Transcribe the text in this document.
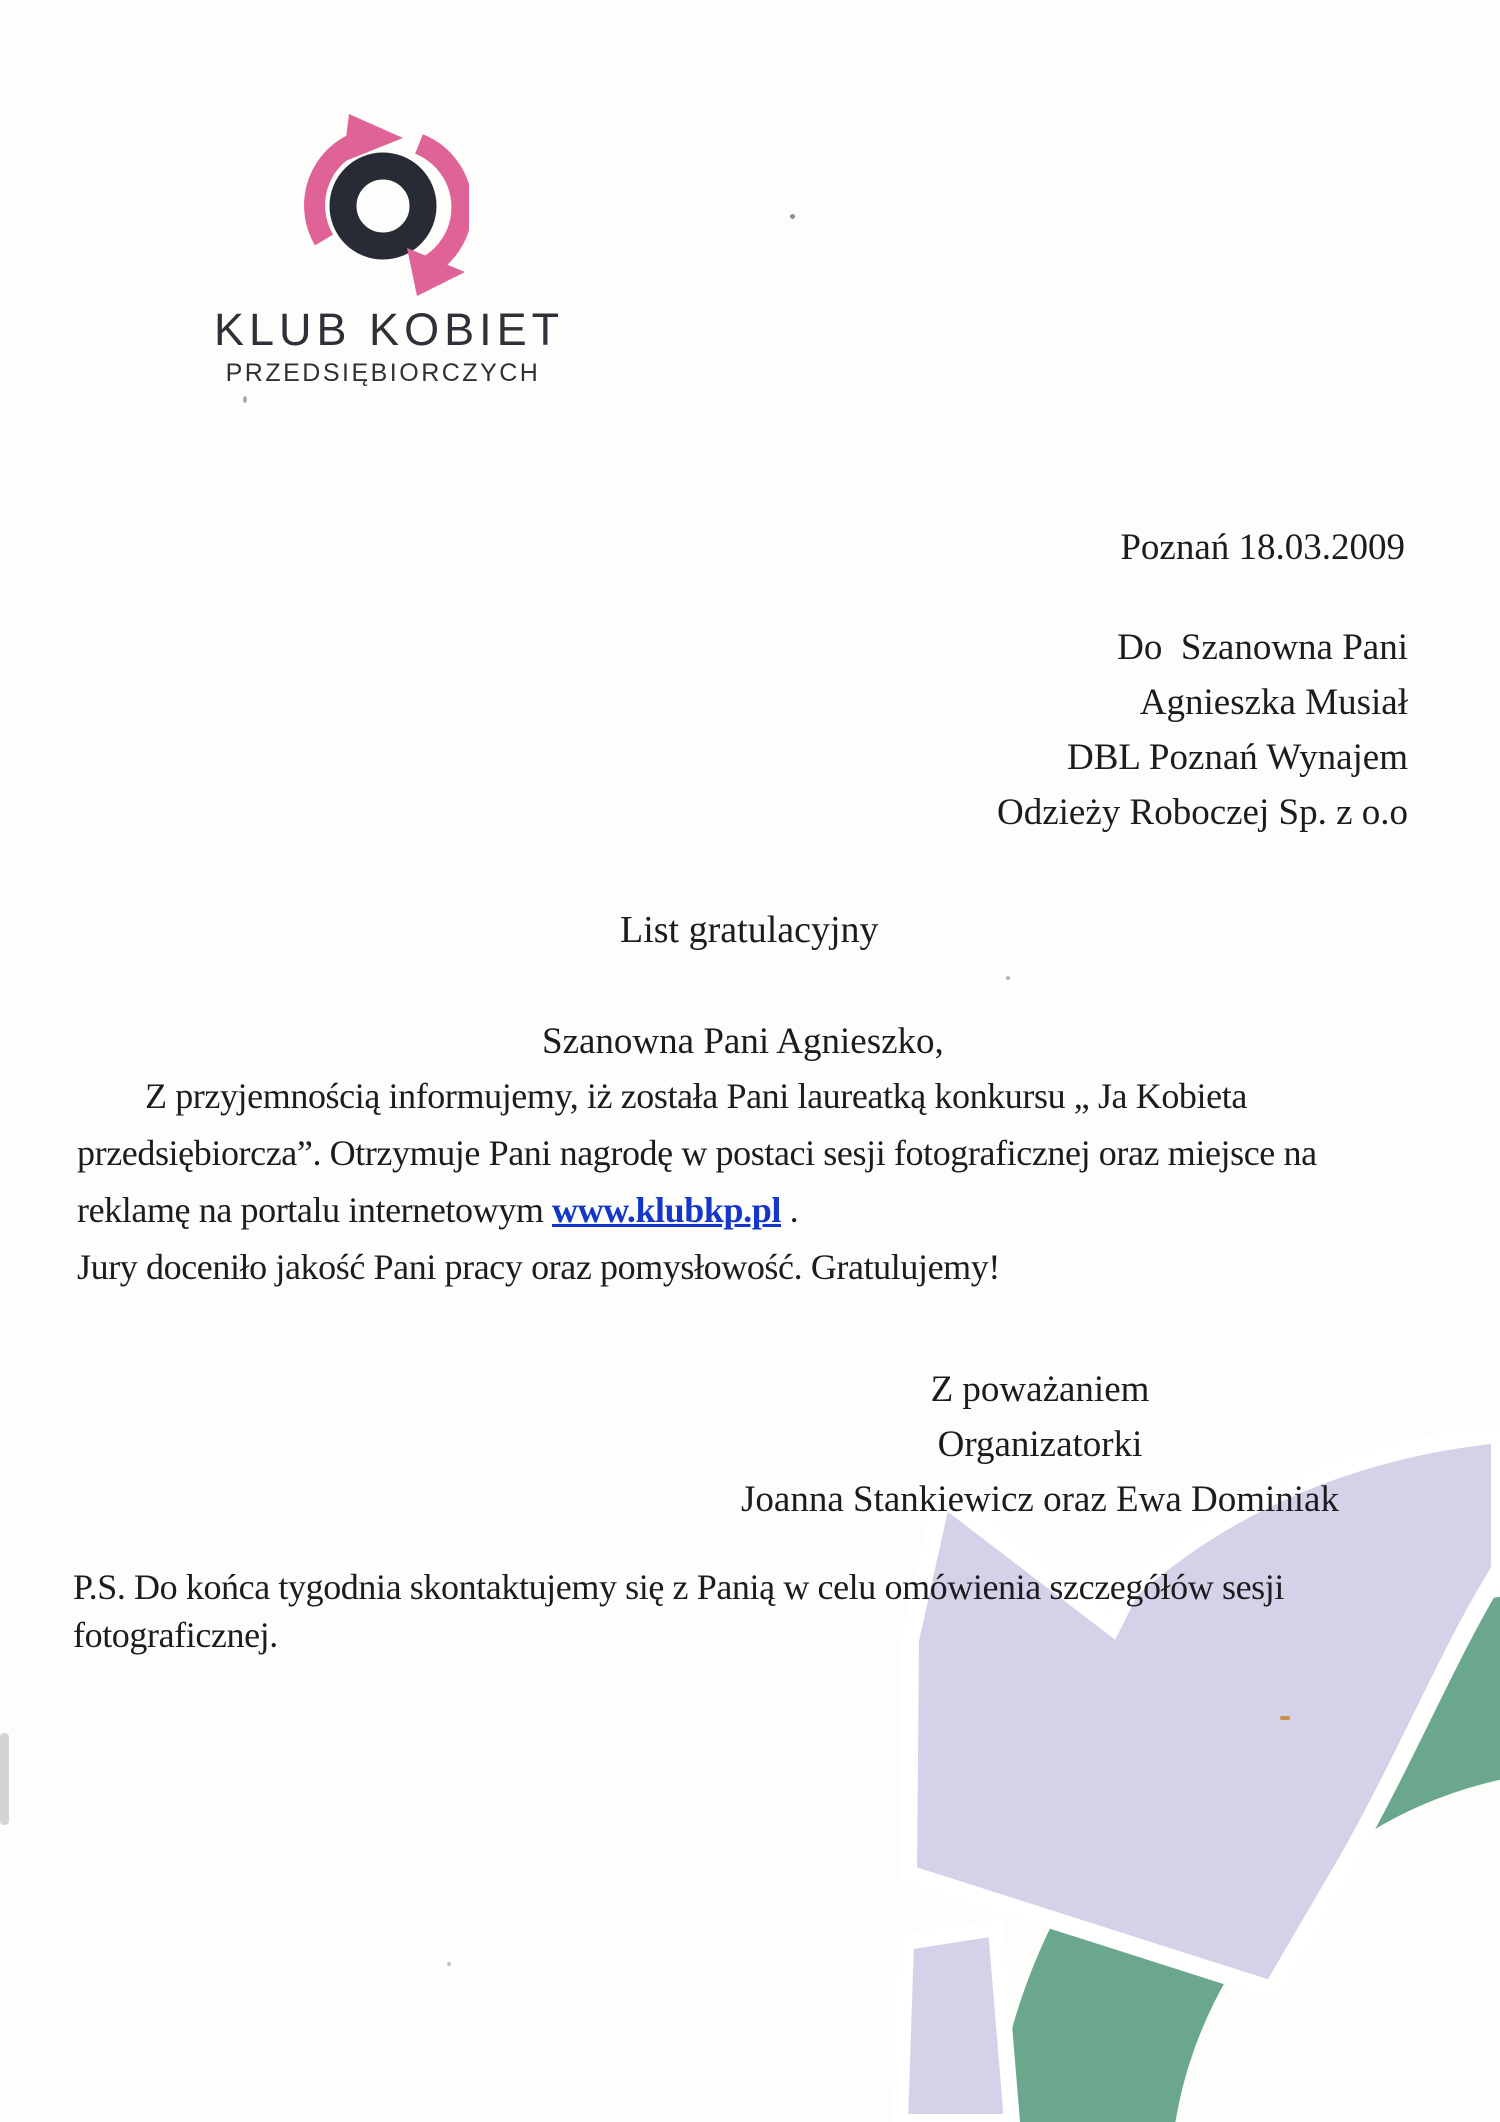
KLUB KOBIET
PRZEDSIĘBIORCZYCH
Poznań 18.03.2009
Do  Szanowna Pani
Agnieszka Musiał
DBL Poznań Wynajem
Odzieży Roboczej Sp. z o.o
List gratulacyjny
Szanowna Pani Agnieszko,
Z przyjemnością informujemy, iż została Pani laureatką konkursu „ Ja Kobieta
przedsiębiorcza”. Otrzymuje Pani nagrodę w postaci sesji fotograficznej oraz miejsce na
reklamę na portalu internetowym www.klubkp.pl .
Jury doceniło jakość Pani pracy oraz pomysłowość. Gratulujemy!
Z poważaniem
Organizatorki
Joanna Stankiewicz oraz Ewa Dominiak
P.S. Do końca tygodnia skontaktujemy się z Panią w celu omówienia szczegółów sesji
fotograficznej.
